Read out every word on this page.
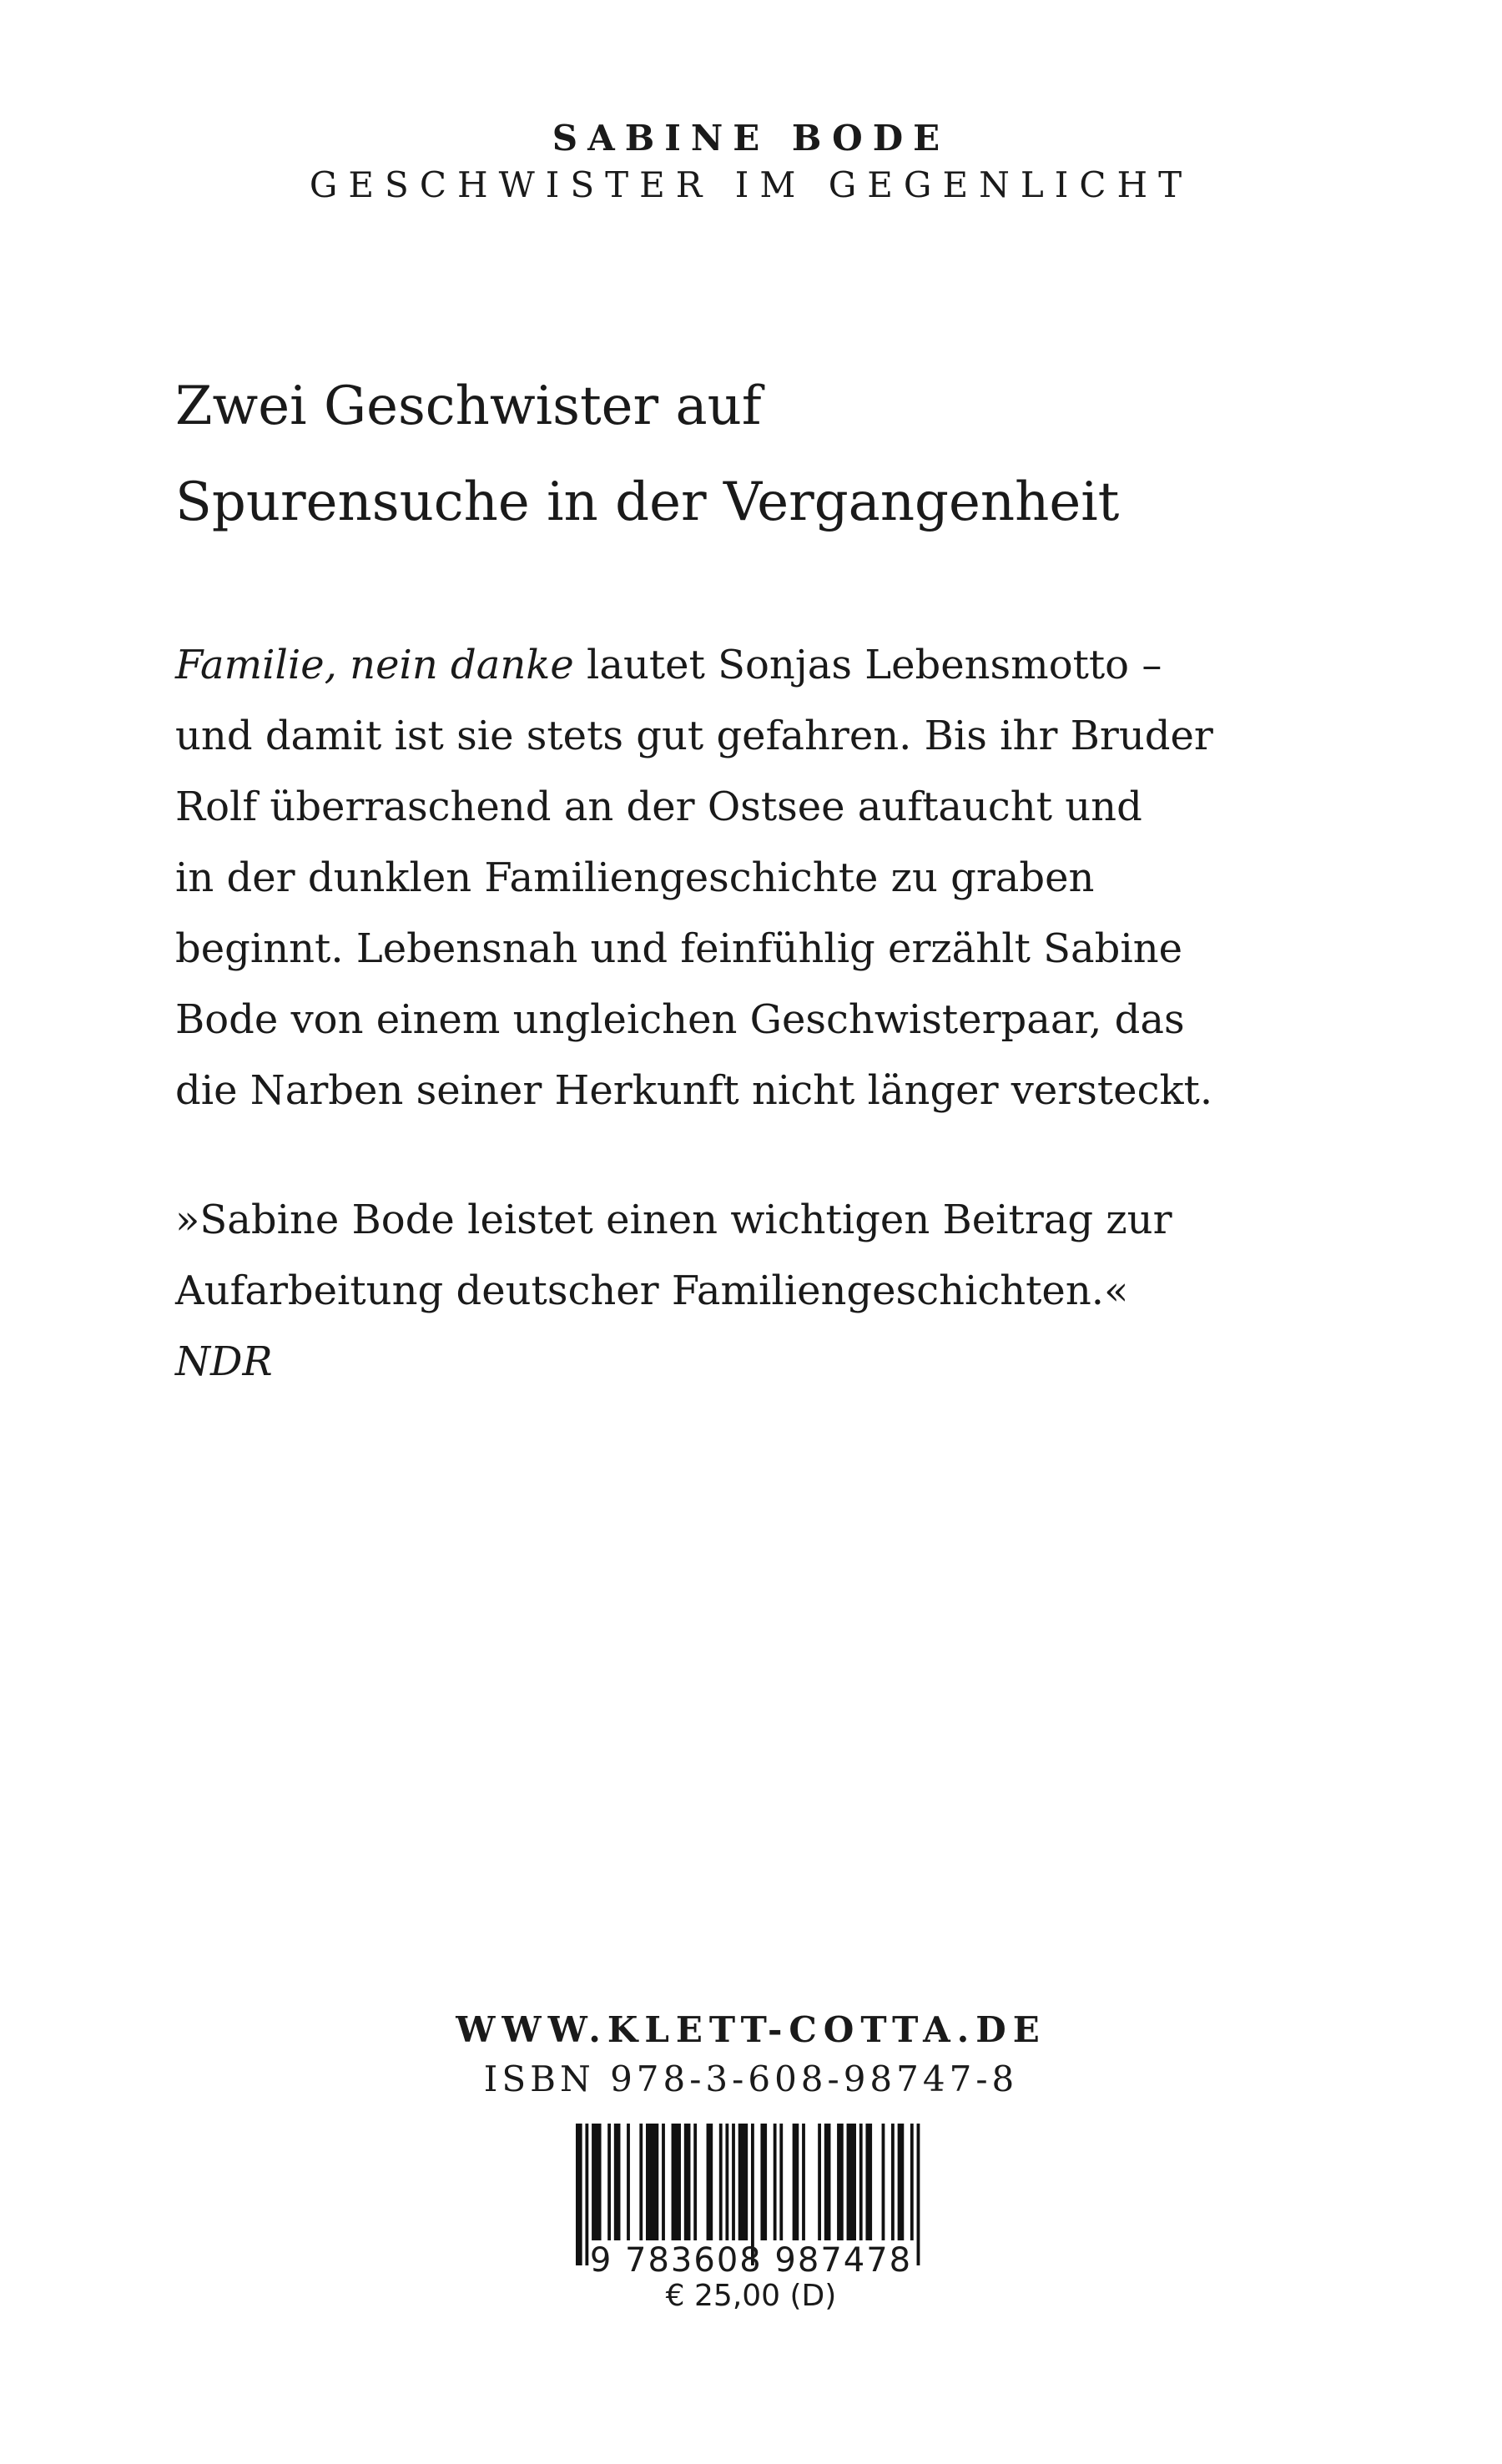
SABINE BODE
GESCHWISTER IM GEGENLICHT
Zwei Geschwister auf
Spurensuche in der Vergangenheit
Familie, nein danke lautet Sonjas Lebensmotto –
und damit ist sie stets gut gefahren. Bis ihr Bruder
Rolf überraschend an der Ostsee auftaucht und
in der dunklen Familiengeschichte zu graben
beginnt. Lebensnah und feinfühlig erzählt Sabine
Bode von einem ungleichen Geschwisterpaar, das
die Narben seiner Herkunft nicht länger versteckt.
»Sabine Bode leistet einen wichtigen Beitrag zur
Aufarbeitung deutscher Familiengeschichten.«
NDR
WWW.KLETT-COTTA.DE
ISBN 978-3-608-98747-8
9 783608 987478
€ 25,00 (D)
